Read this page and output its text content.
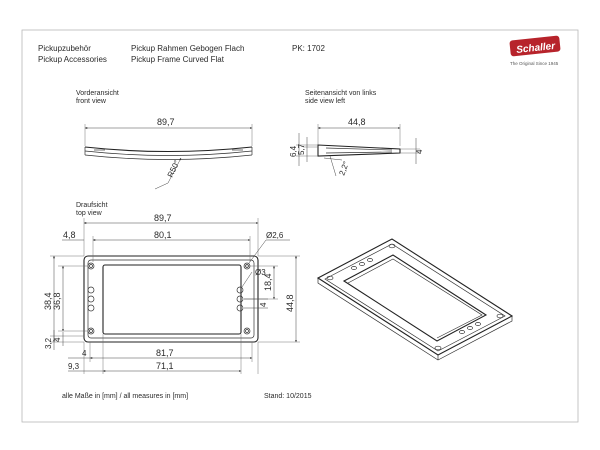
Pickupzubehör
Pickup Accessories
Pickup Rahmen Gebogen Flach
Pickup Frame Curved Flat
PK: 1702	Schaller
The Original Since 1945
Vorderansicht
front view
89,7
R50°
Seitenansicht von links
side view left
44,8
6,4 5,7	4
2,2°
Draufsicht
top view	89,7
80,1
4,8	Ø2,6
Ø3
18,4
44,8
4
38,4 36,8
3,2 4
81,7
71,1
4
9,3
alle Maße in [mm] / all measures in [mm]	Stand: 10/2015
